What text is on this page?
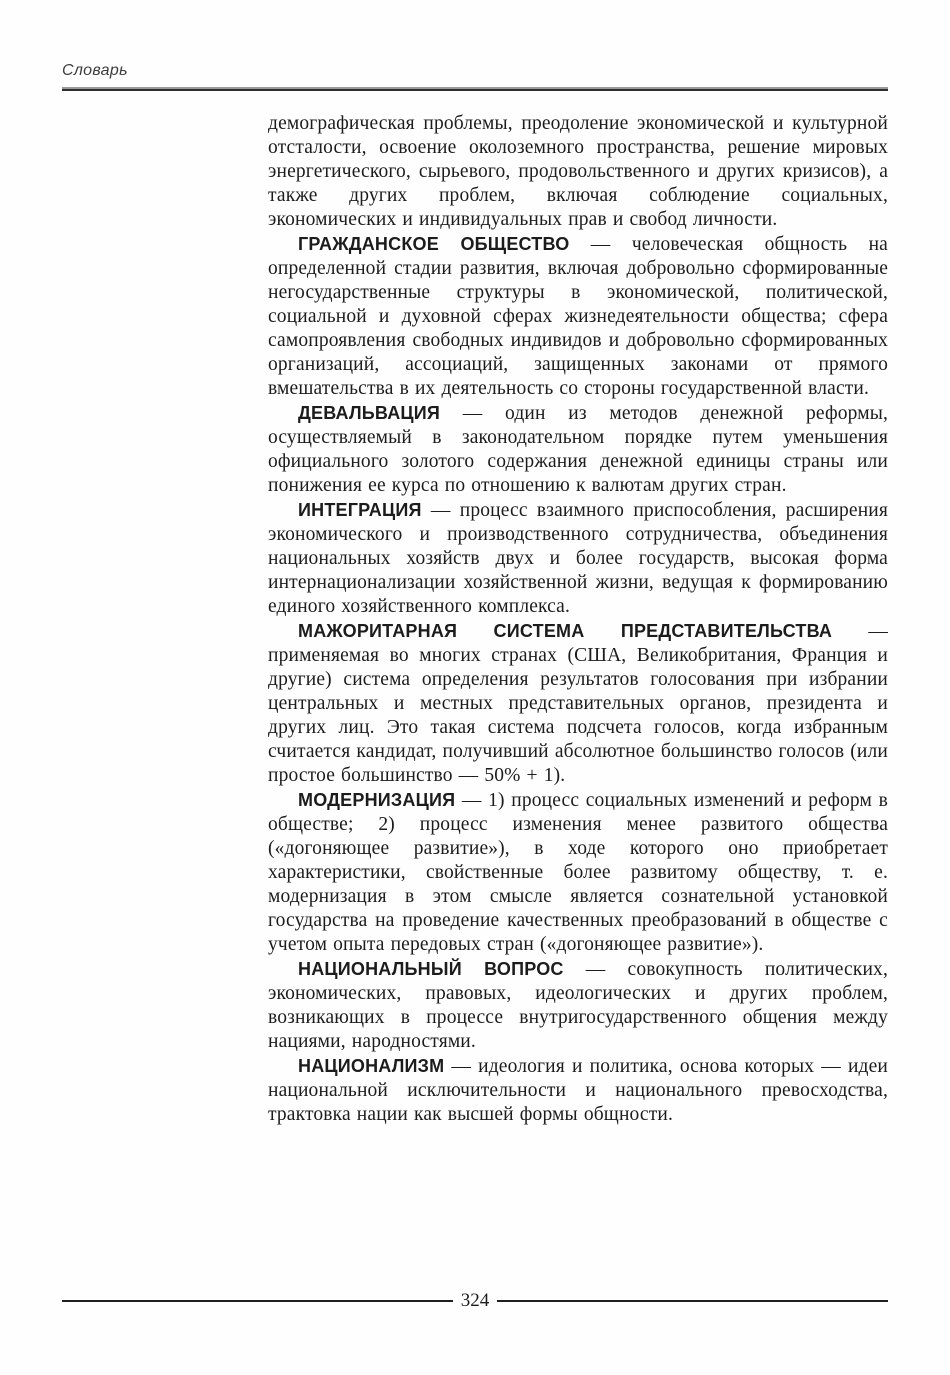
Словарь

демографическая проблемы, преодоление экономической и культурной отсталости, освоение околоземного пространства, решение мировых энергетического, сырьевого, продовольственного и других кризисов), а также других проблем, включая соблюдение социальных, экономических и индивидуальных прав и свобод личности.

ГРАЖДАНСКОЕ ОБЩЕСТВО — человеческая общность на определенной стадии развития, включая добровольно сформированные негосударственные структуры в экономической, политической, социальной и духовной сферах жизнедеятельности общества; сфера самопроявления свободных индивидов и добровольно сформированных организаций, ассоциаций, защищенных законами от прямого вмешательства в их деятельность со стороны государственной власти.

ДЕВАЛЬВАЦИЯ — один из методов денежной реформы, осуществляемый в законодательном порядке путем уменьшения официального золотого содержания денежной единицы страны или понижения ее курса по отношению к валютам других стран.

ИНТЕГРАЦИЯ — процесс взаимного приспособления, расширения экономического и производственного сотрудничества, объединения национальных хозяйств двух и более государств, высокая форма интернационализации хозяйственной жизни, ведущая к формированию единого хозяйственного комплекса.

МАЖОРИТАРНАЯ СИСТЕМА ПРЕДСТАВИТЕЛЬСТВА — применяемая во многих странах (США, Великобритания, Франция и другие) система определения результатов голосования при избрании центральных и местных представительных органов, президента и других лиц. Это такая система подсчета голосов, когда избранным считается кандидат, получивший абсолютное большинство голосов (или простое большинство — 50% + 1).

МОДЕРНИЗАЦИЯ — 1) процесс социальных изменений и реформ в обществе; 2) процесс изменения менее развитого общества («догоняющее развитие»), в ходе которого оно приобретает характеристики, свойственные более развитому обществу, т. е. модернизация в этом смысле является сознательной установкой государства на проведение качественных преобразований в обществе с учетом опыта передовых стран («догоняющее развитие»).

НАЦИОНАЛЬНЫЙ ВОПРОС — совокупность политических, экономических, правовых, идеологических и других проблем, возникающих в процессе внутригосударственного общения между нациями, народностями.

НАЦИОНАЛИЗМ — идеология и политика, основа которых — идеи национальной исключительности и национального превосходства, трактовка нации как высшей формы общности.

324
